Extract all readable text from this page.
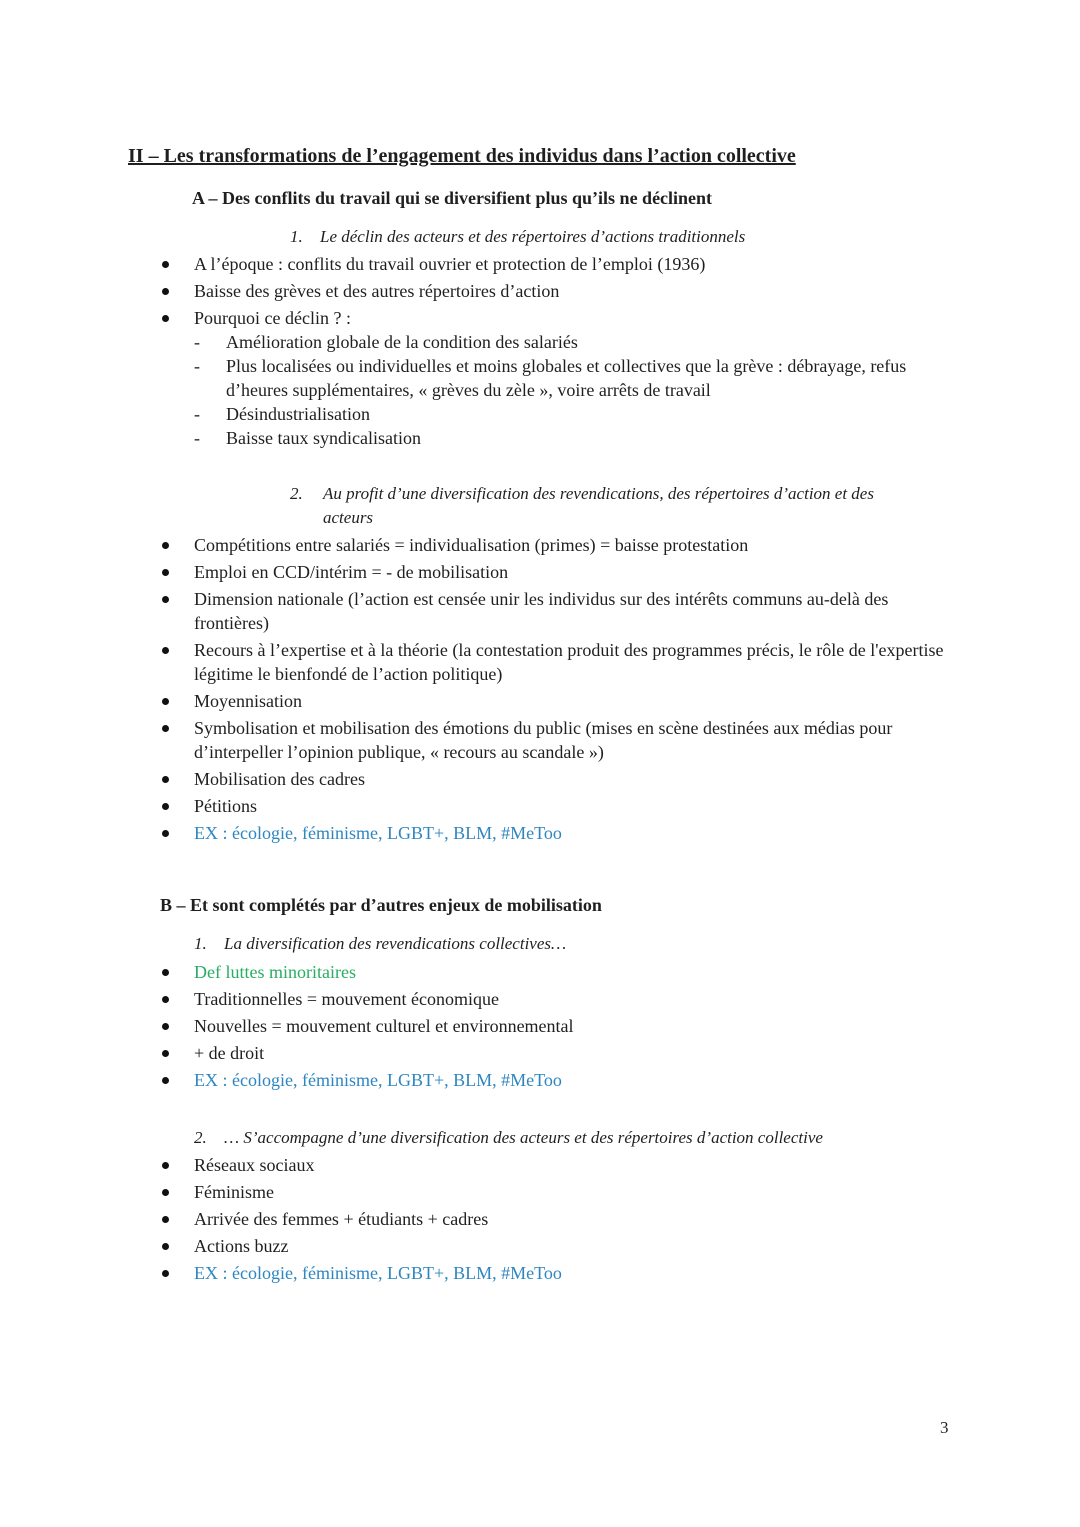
II – Les transformations de l’engagement des individus dans l’action collective
A – Des conflits du travail qui se diversifient plus qu’ils ne déclinent
1. Le déclin des acteurs et des répertoires d’actions traditionnels
A l’époque : conflits du travail ouvrier et protection de l’emploi (1936)
Baisse des grèves et des autres répertoires d’action
Pourquoi ce déclin ? :
- Amélioration globale de la condition des salariés
- Plus localisées ou individuelles et moins globales et collectives que la grève : débrayage, refus d’heures supplémentaires, « grèves du zèle », voire arrêts de travail
- Désindustrialisation
- Baisse taux syndicalisation
2. Au profit d’une diversification des revendications, des répertoires d’action et des acteurs
Compétitions entre salariés = individualisation (primes) = baisse protestation
Emploi en CCD/intérim = - de mobilisation
Dimension nationale (l’action est censée unir les individus sur des intérêts communs au-delà des frontières)
Recours à l’expertise et à la théorie (la contestation produit des programmes précis, le rôle de l'expertise légitime le bienfondé de l’action politique)
Moyennisation
Symbolisation et mobilisation des émotions du public (mises en scène destinées aux médias pour d’interpeller l’opinion publique, « recours au scandale »)
Mobilisation des cadres
Pétitions
EX : écologie, féminisme, LGBT+, BLM, #MeToo
B – Et sont complétés par d’autres enjeux de mobilisation
1. La diversification des revendications collectives…
Def luttes minoritaires
Traditionnelles = mouvement économique
Nouvelles = mouvement culturel et environnemental
+ de droit
EX : écologie, féminisme, LGBT+, BLM, #MeToo
2. … S’accompagne d’une diversification des acteurs et des répertoires d’action collective
Réseaux sociaux
Féminisme
Arrivée des femmes + étudiants + cadres
Actions buzz
EX : écologie, féminisme, LGBT+, BLM, #MeToo
3
